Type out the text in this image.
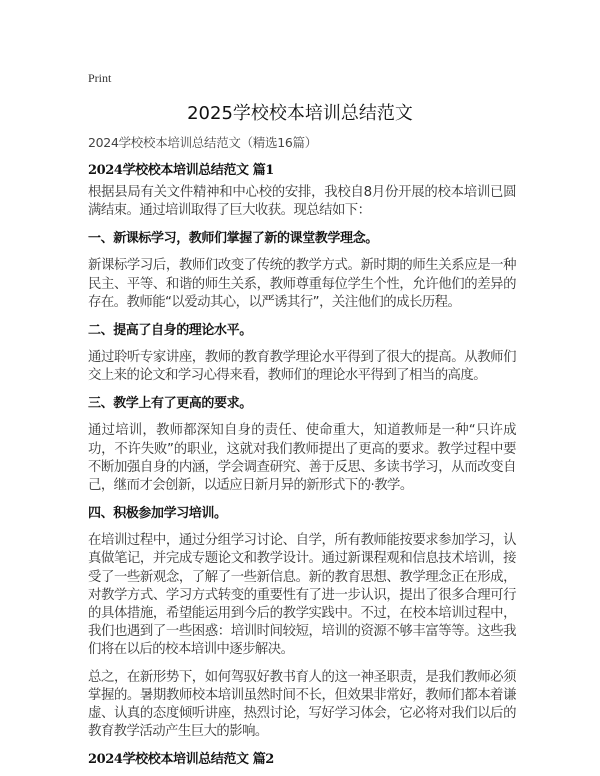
Print

2025学校校本培训总结范文

2024学校校本培训总结范文（精选16篇）

2024学校校本培训总结范文 篇1

根据县局有关文件精神和中心校的安排，我校自8月份开展的校本培训已圆满结束。通过培训取得了巨大收获。现总结如下：

一、新课标学习，教师们掌握了新的课堂教学理念。

新课标学习后，教师们改变了传统的教学方式。新时期的师生关系应是一种民主、平等、和谐的师生关系，教师尊重每位学生个性，允许他们的差异的存在。教师能“以爱动其心，以严诱其行”，关注他们的成长历程。

二、提高了自身的理论水平。

通过聆听专家讲座，教师的教育教学理论水平得到了很大的提高。从教师们交上来的论文和学习心得来看，教师们的理论水平得到了相当的高度。

三、教学上有了更高的要求。

通过培训，教师都深知自身的责任、使命重大，知道教师是一种“只许成功，不许失败”的职业，这就对我们教师提出了更高的要求。教学过程中要不断加强自身的内涵，学会调查研究、善于反思、多读书学习，从而改变自己，继而才会创新，以适应日新月异的新形式下的·教学。

四、积极参加学习培训。

在培训过程中，通过分组学习讨论、自学，所有教师能按要求参加学习，认真做笔记，并完成专题论文和教学设计。通过新课程观和信息技术培训，接受了一些新观念，了解了一些新信息。新的教育思想、教学理念正在形成，对教学方式、学习方式转变的重要性有了进一步认识，提出了很多合理可行的具体措施，希望能运用到今后的教学实践中。不过，在校本培训过程中，我们也遇到了一些困惑：培训时间较短，培训的资源不够丰富等等。这些我们将在以后的校本培训中逐步解决。

总之，在新形势下，如何驾驭好教书育人的这一神圣职责，是我们教师必须掌握的。暑期教师校本培训虽然时间不长，但效果非常好，教师们都本着谦虚、认真的态度倾听讲座，热烈讨论，写好学习体会，它必将对我们以后的教育教学活动产生巨大的影响。

2024学校校本培训总结范文 篇2
